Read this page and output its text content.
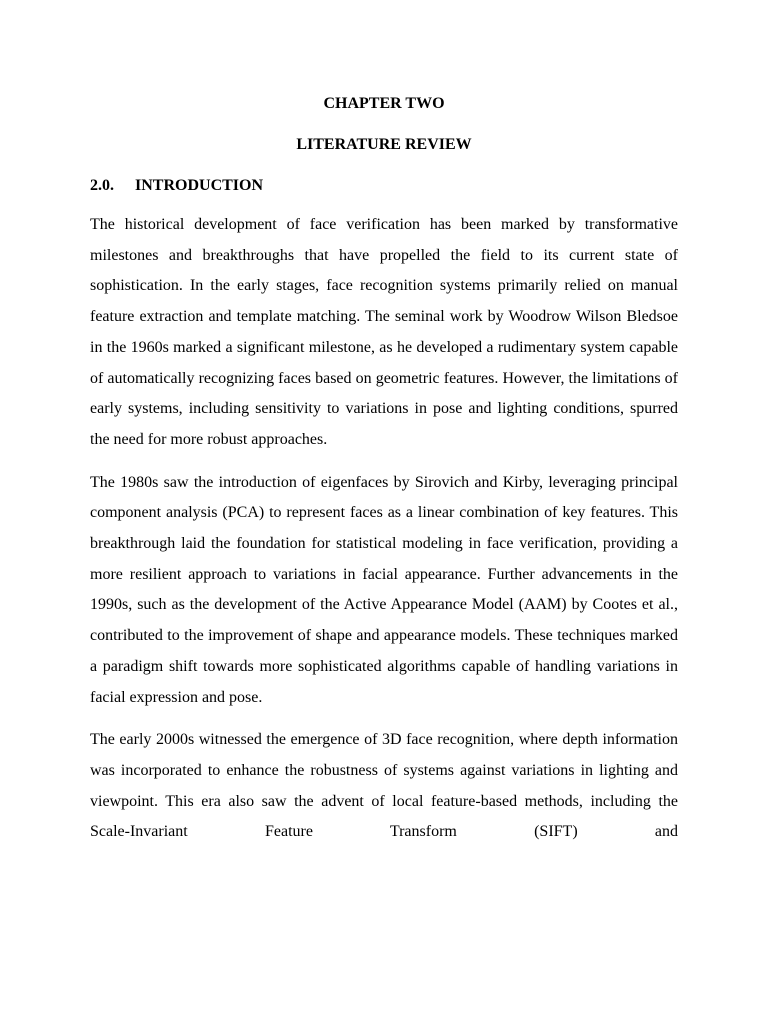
CHAPTER TWO
LITERATURE REVIEW
2.0.	INTRODUCTION

The historical development of face verification has been marked by transformative milestones and breakthroughs that have propelled the field to its current state of sophistication. In the early stages, face recognition systems primarily relied on manual feature extraction and template matching. The seminal work by Woodrow Wilson Bledsoe in the 1960s marked a significant milestone, as he developed a rudimentary system capable of automatically recognizing faces based on geometric features. However, the limitations of early systems, including sensitivity to variations in pose and lighting conditions, spurred the need for more robust approaches.

The 1980s saw the introduction of eigenfaces by Sirovich and Kirby, leveraging principal component analysis (PCA) to represent faces as a linear combination of key features. This breakthrough laid the foundation for statistical modeling in face verification, providing a more resilient approach to variations in facial appearance. Further advancements in the 1990s, such as the development of the Active Appearance Model (AAM) by Cootes et al., contributed to the improvement of shape and appearance models. These techniques marked a paradigm shift towards more sophisticated algorithms capable of handling variations in facial expression and pose.

The early 2000s witnessed the emergence of 3D face recognition, where depth information was incorporated to enhance the robustness of systems against variations in lighting and viewpoint. This era also saw the advent of local feature-based methods, including the Scale-Invariant Feature Transform (SIFT) and
